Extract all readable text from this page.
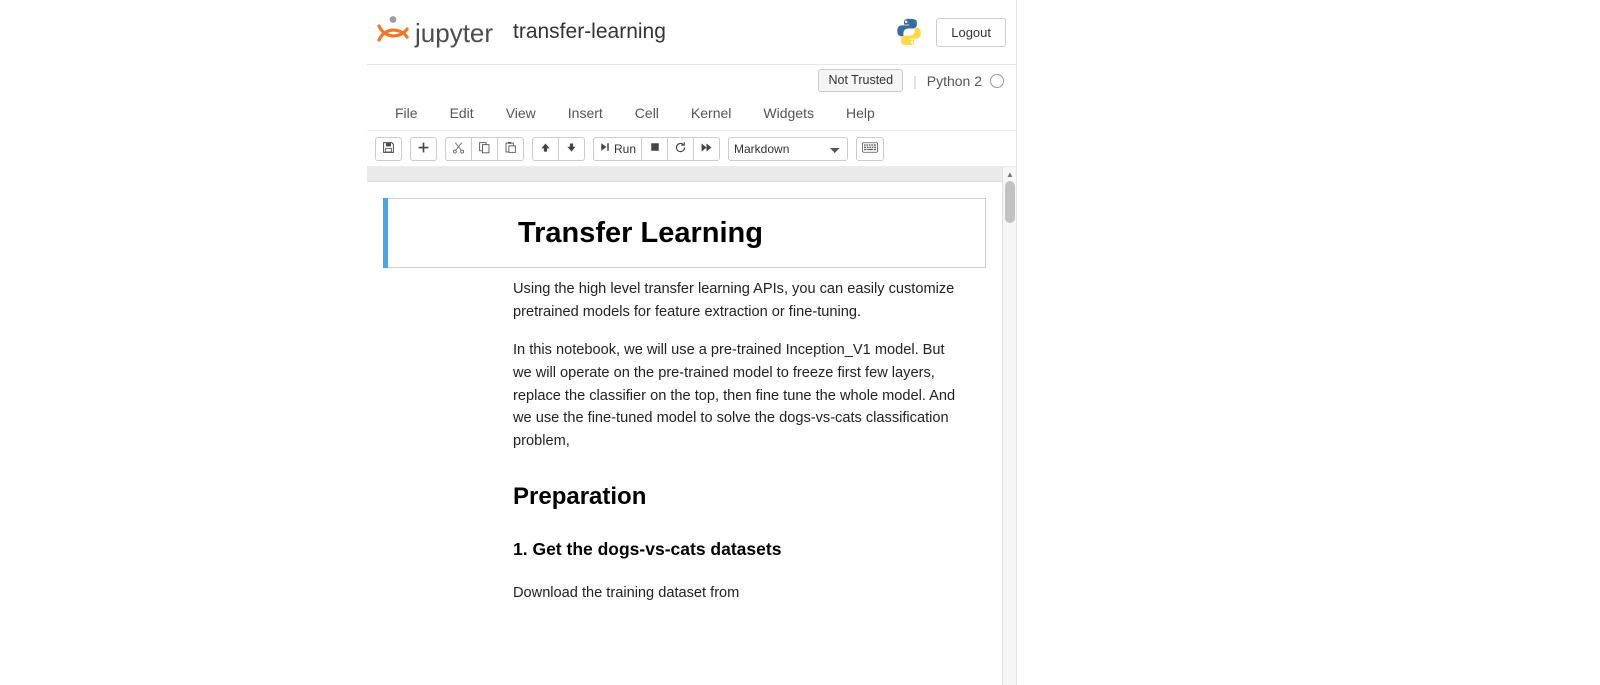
jupyter transfer-learning	Logout
Not Trusted	| Python 2
File	Edit	View	Insert	Cell	Kernel	Widgets	Help
Run
Markdown
▲
Transfer Learning

Using the high level transfer learning APIs, you can easily customize pretrained models for feature extraction or fine-tuning.

In this notebook, we will use a pre-trained Inception_V1 model. But we will operate on the pre-trained model to freeze first few layers, replace the classifier on the top, then fine tune the whole model. And we use the fine-tuned model to solve the dogs-vs-cats classification problem,

Preparation
1. Get the dogs-vs-cats datasets

Download the training dataset from
